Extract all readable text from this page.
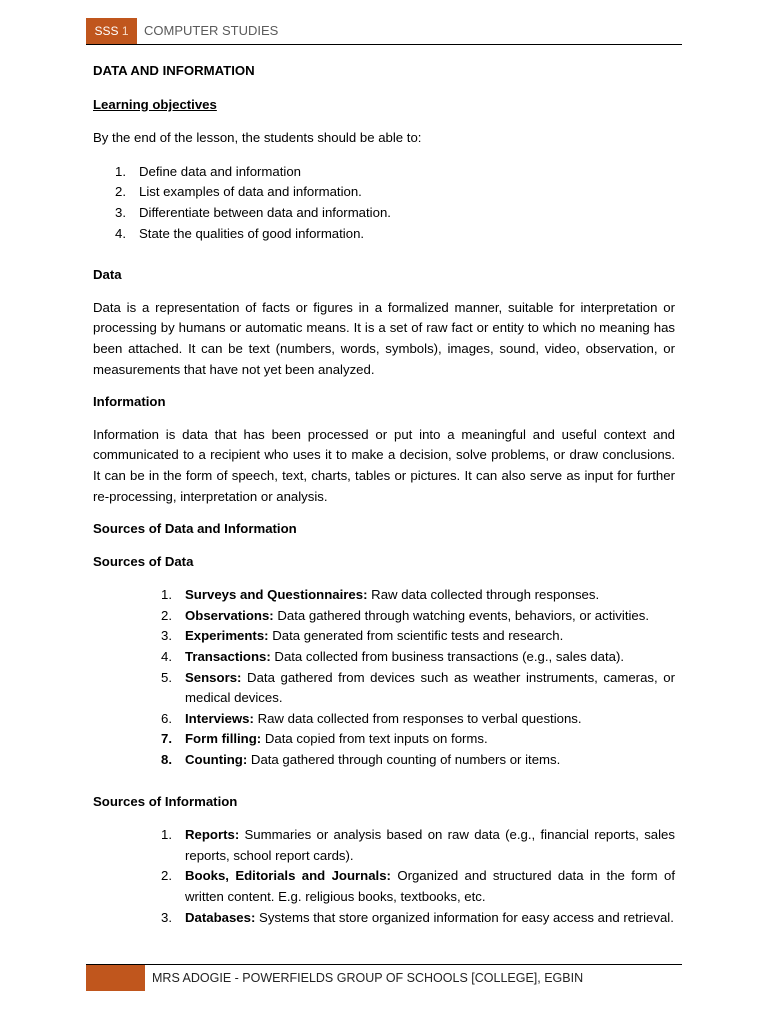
SSS 1	COMPUTER STUDIES
DATA AND INFORMATION
Learning objectives

By the end of the lesson, the students should be able to:

1. Define data and information
2. List examples of data and information.
3. Differentiate between data and information.
4. State the qualities of good information.
Data

Data is a representation of facts or figures in a formalized manner, suitable for interpretation or processing by humans or automatic means. It is a set of raw fact or entity to which no meaning has been attached. It can be text (numbers, words, symbols), images, sound, video, observation, or measurements that have not yet been analyzed.

Information

Information is data that has been processed or put into a meaningful and useful context and communicated to a recipient who uses it to make a decision, solve problems, or draw conclusions. It can be in the form of speech, text, charts, tables or pictures. It can also serve as input for further re-processing, interpretation or analysis.

Sources of Data and Information
Sources of Data
1. Surveys and Questionnaires: Raw data collected through responses.
2. Observations: Data gathered through watching events, behaviors, or activities.
3. Experiments: Data generated from scientific tests and research.
4. Transactions: Data collected from business transactions (e.g., sales data).
5. Sensors: Data gathered from devices such as weather instruments, cameras, or medical devices.
6. Interviews: Raw data collected from responses to verbal questions.
7. Form filling: Data copied from text inputs on forms.
8. Counting: Data gathered through counting of numbers or items.
Sources of Information
1. Reports: Summaries or analysis based on raw data (e.g., financial reports, sales reports, school report cards).
2. Books, Editorials and Journals: Organized and structured data in the form of written content. E.g. religious books, textbooks, etc.
3. Databases: Systems that store organized information for easy access and retrieval.
MRS ADOGIE - POWERFIELDS GROUP OF SCHOOLS [COLLEGE], EGBIN
